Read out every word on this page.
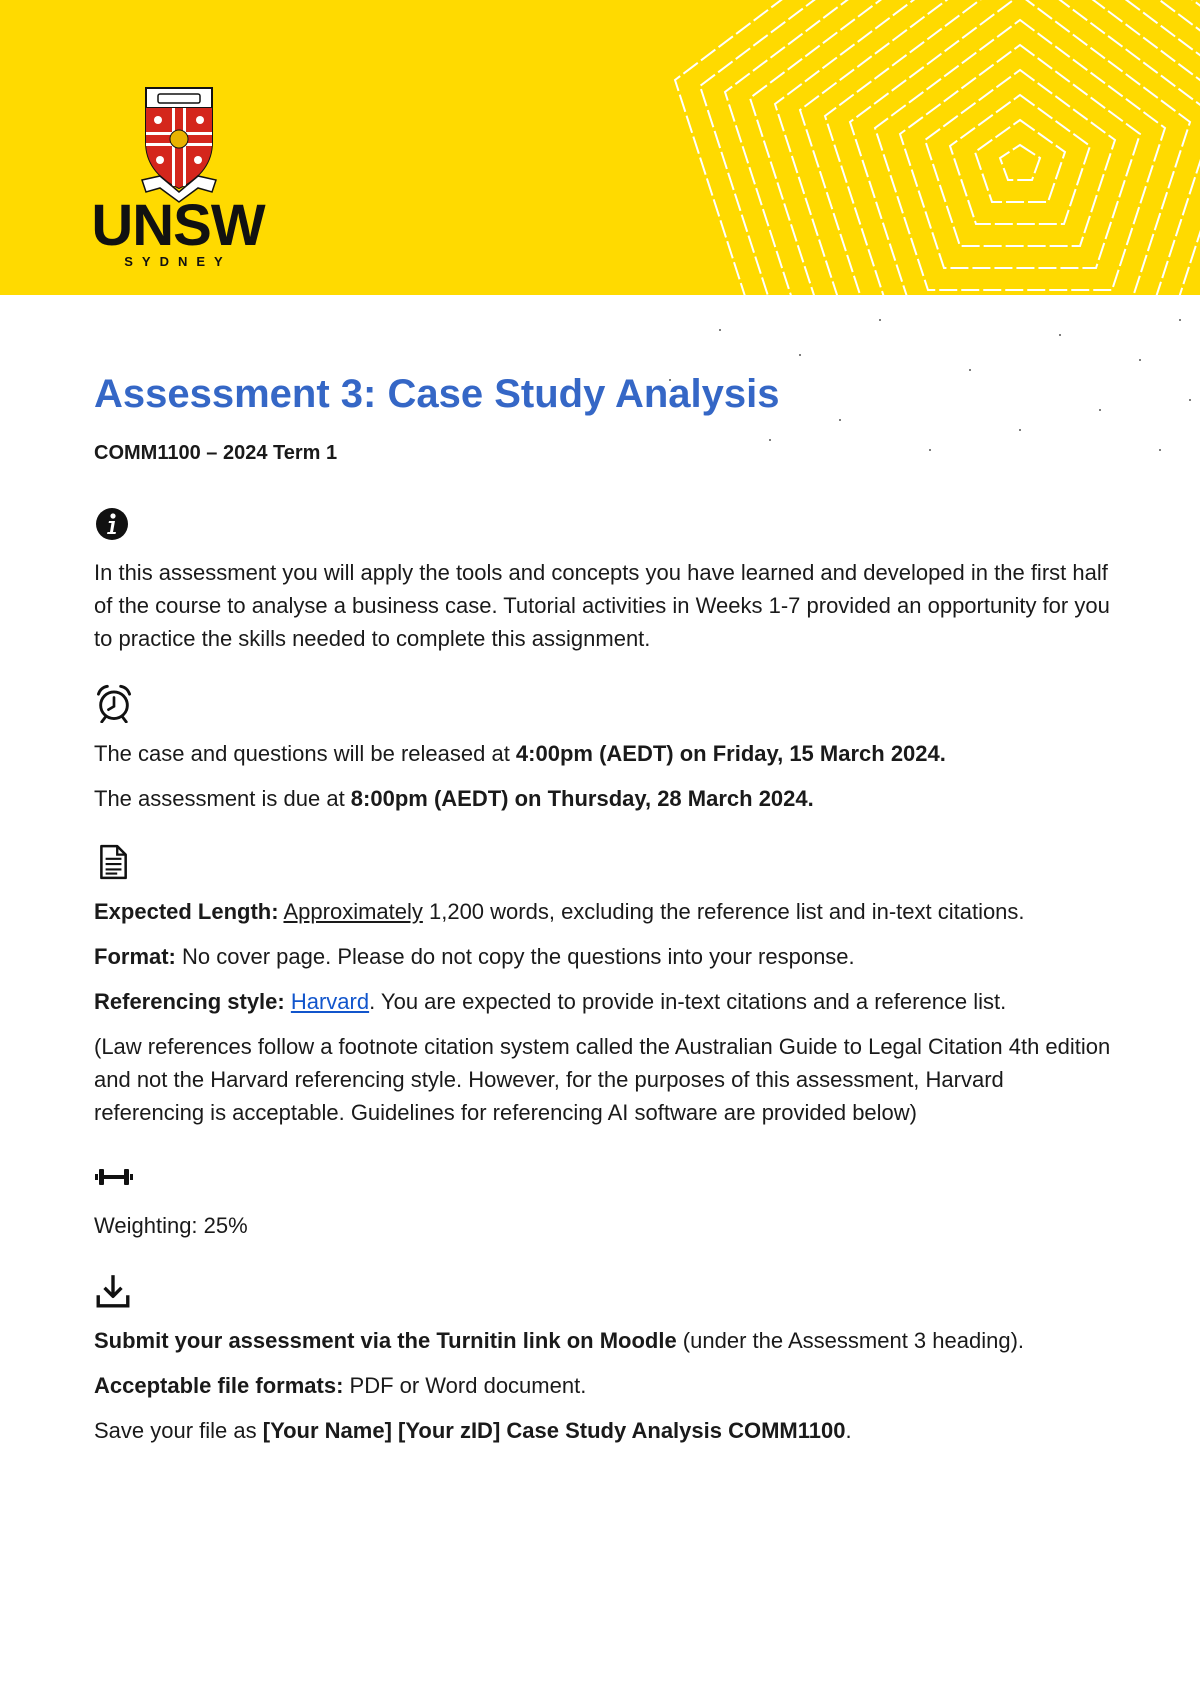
UNSW
SYDNEY
Assessment 3: Case Study Analysis
COMM1100 – 2024 Term 1

In this assessment you will apply the tools and concepts you have learned and developed in the first half of the course to analyse a business case. Tutorial activities in Weeks 1-7 provided an opportunity for you to practice the skills needed to complete this assignment.

The case and questions will be released at 4:00pm (AEDT) on Friday, 15 March 2024.

The assessment is due at 8:00pm (AEDT) on Thursday, 28 March 2024.

Expected Length: Approximately 1,200 words, excluding the reference list and in-text citations.

Format: No cover page. Please do not copy the questions into your response.

Referencing style: Harvard. You are expected to provide in-text citations and a reference list.

(Law references follow a footnote citation system called the Australian Guide to Legal Citation 4th edition and not the Harvard referencing style. However, for the purposes of this assessment, Harvard referencing is acceptable. Guidelines for referencing AI software are provided below)

Weighting: 25%

Submit your assessment via the Turnitin link on Moodle (under the Assessment 3 heading).

Acceptable file formats: PDF or Word document.

Save your file as [Your Name] [Your zID] Case Study Analysis COMM1100.
